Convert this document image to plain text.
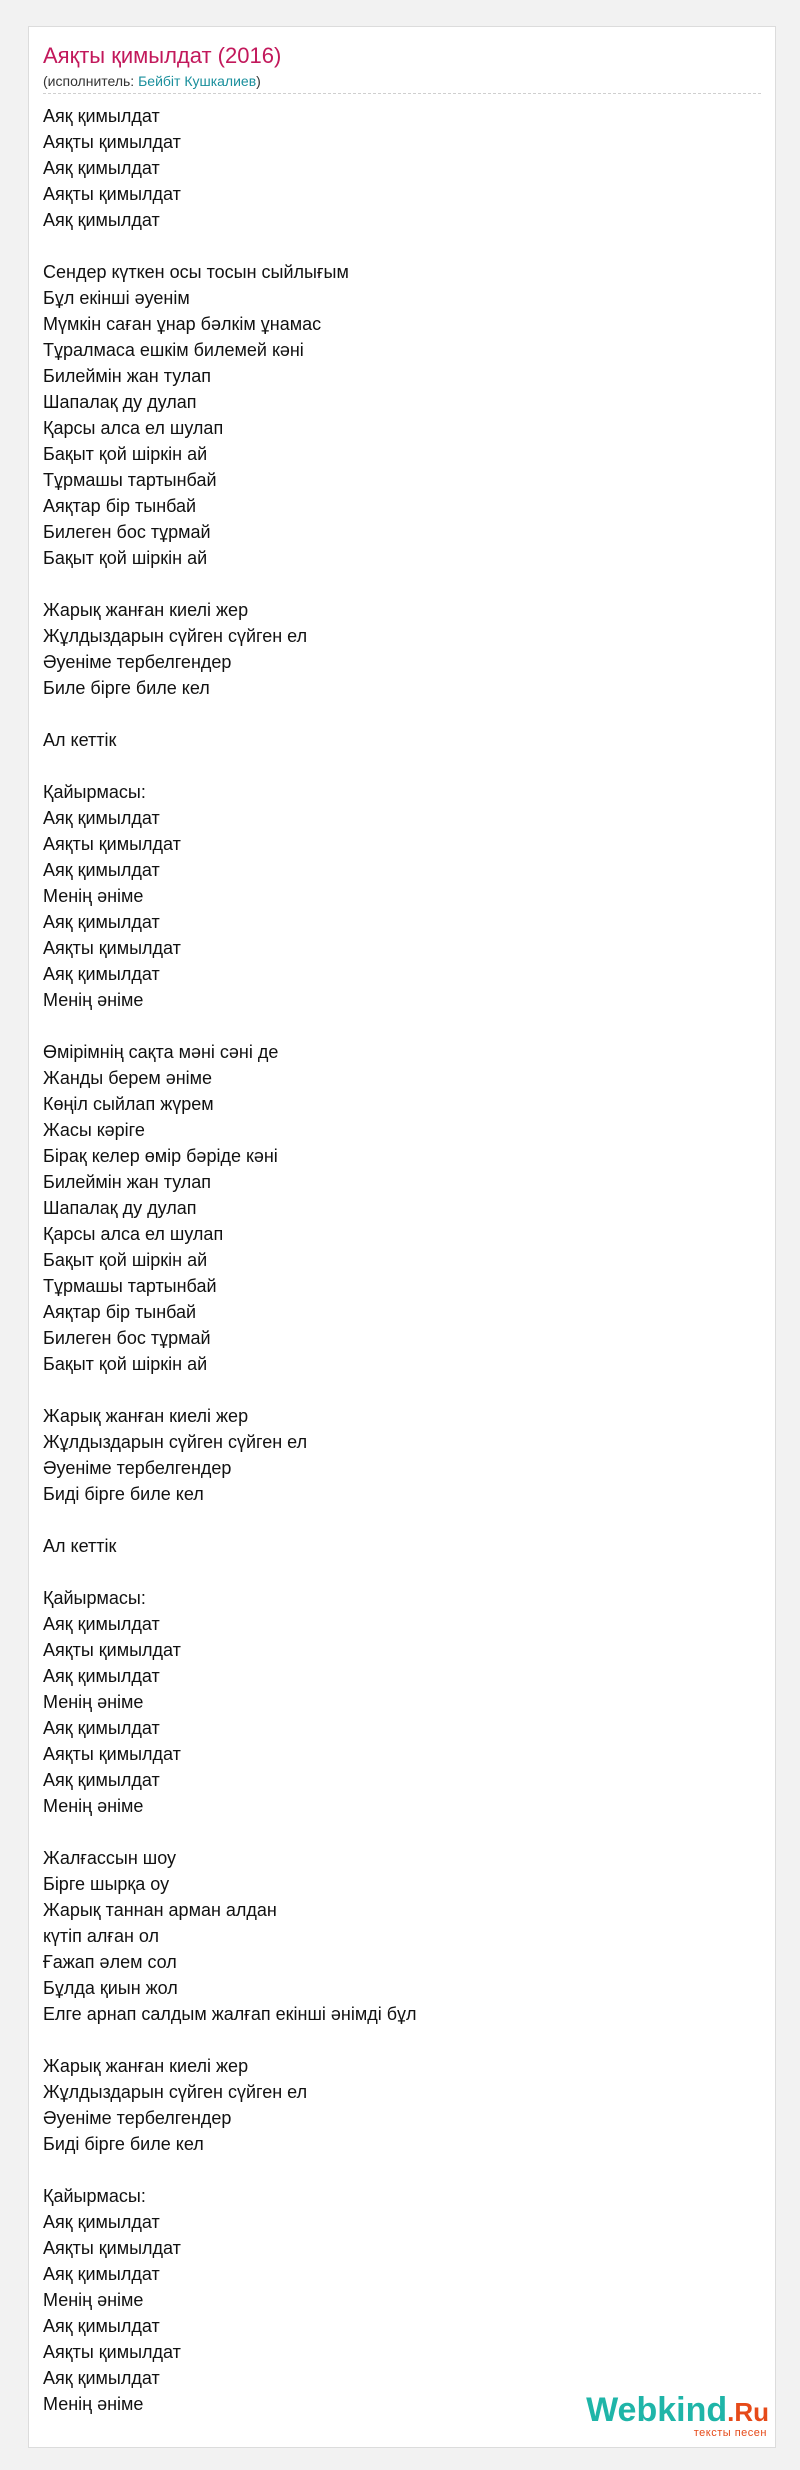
Аяқты қимылдат (2016)
(исполнитель: Бейбіт Кушкалиев)
Аяқ қимылдат
Аяқты қимылдат
Аяқ қимылдат
Аяқты қимылдат
Аяқ қимылдат
Сендер күткен осы тосын сыйлығым
Бұл екінші әуенім
Мүмкін саған ұнар бәлкім ұнамас
Тұралмаса ешкім билемей кәні
Билеймін жан тулап
Шапалақ ду дулап
Қарсы алса ел шулап
Бақыт қой шіркін ай
Тұрмашы тартынбай
Аяқтар бір тынбай
Билеген бос тұрмай
Бақыт қой шіркін ай
Жарық жанған киелі жер
Жұлдыздарын сүйген сүйген ел
Әуеніме тербелгендер
Биле бірге биле кел
Ал кеттік
Қайырмасы:
Аяқ қимылдат
Аяқты қимылдат
Аяқ қимылдат
Менің әніме
Аяқ қимылдат
Аяқты қимылдат
Аяқ қимылдат
Менің әніме
Өмірімнің сақта мәні сәні де
Жанды берем әніме
Көңіл сыйлап жүрем
Жасы кәріге
Бірақ келер өмір бәріде кәні
Билеймін жан тулап
Шапалақ ду дулап
Қарсы алса ел шулап
Бақыт қой шіркін ай
Тұрмашы тартынбай
Аяқтар бір тынбай
Билеген бос тұрмай
Бақыт қой шіркін ай
Жарық жанған киелі жер
Жұлдыздарын сүйген сүйген ел
Әуеніме тербелгендер
Биді бірге биле кел
Ал кеттік
Қайырмасы:
Аяқ қимылдат
Аяқты қимылдат
Аяқ қимылдат
Менің әніме
Аяқ қимылдат
Аяқты қимылдат
Аяқ қимылдат
Менің әніме
Жалғассын шоу
Бірге шырқа оу
Жарық таннан арман алдан
күтіп алған ол
Ғажап әлем сол
Бұлда қиын жол
Елге арнап салдым жалғап екінші әнімді бұл
Жарық жанған киелі жер
Жұлдыздарын сүйген сүйген ел
Әуеніме тербелгендер
Биді бірге биле кел
Қайырмасы:
Аяқ қимылдат
Аяқты қимылдат
Аяқ қимылдат
Менің әніме
Аяқ қимылдат
Аяқты қимылдат
Аяқ қимылдат
Менің әніме	Webkind.Ru
тексты песен
